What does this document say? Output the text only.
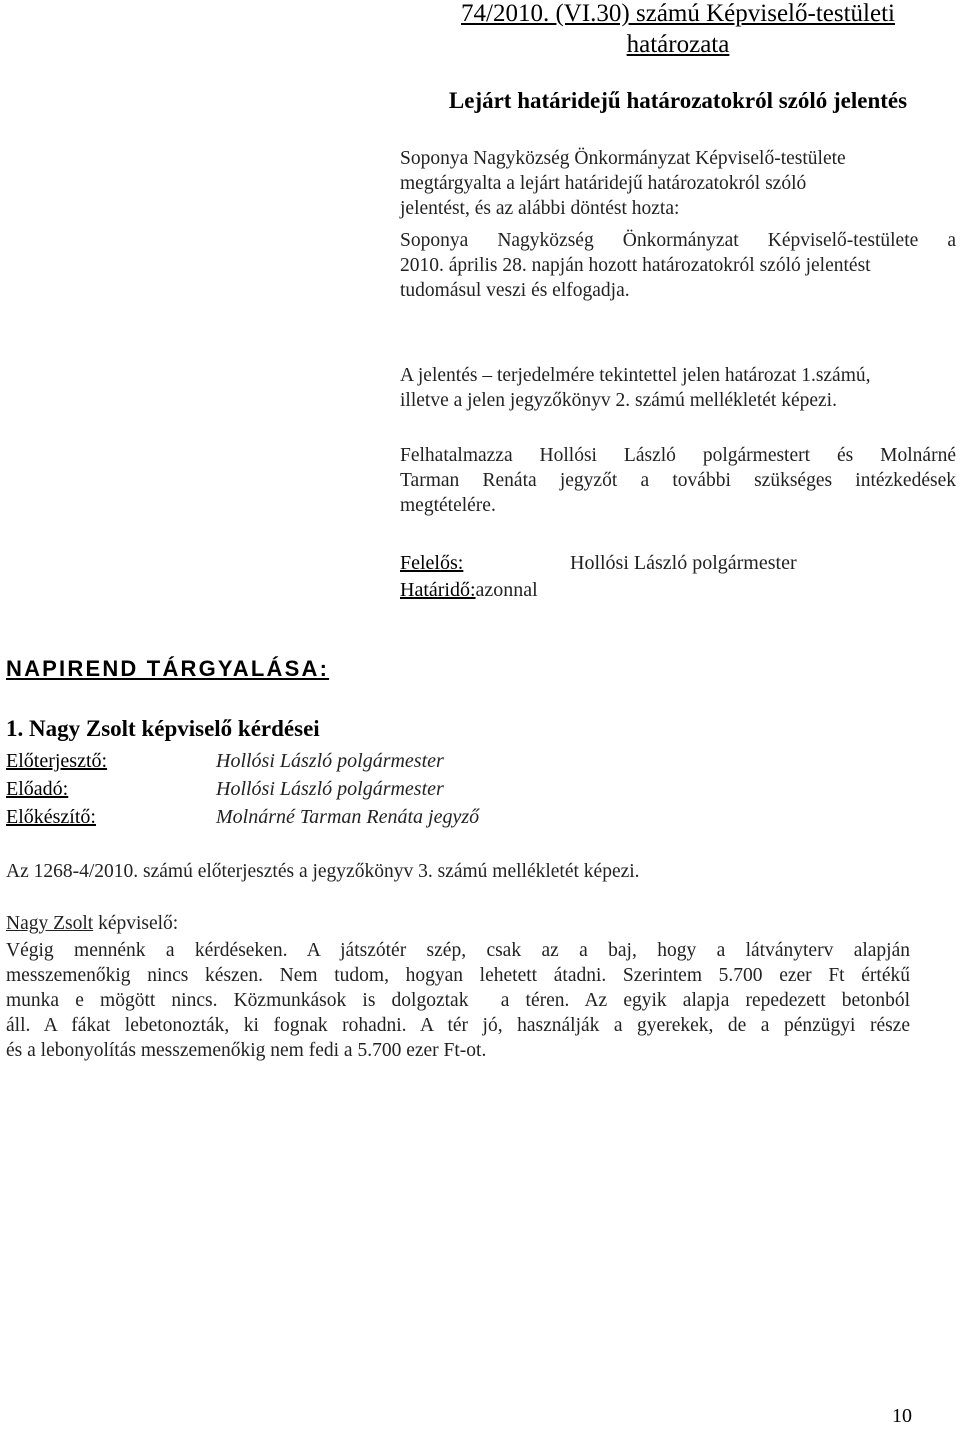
74/2010. (VI.30) számú Képviselő-testületi
határozata
Lejárt határidejű határozatokról szóló jelentés
Soponya Nagyközség Önkormányzat Képviselő-testülete
megtárgyalta a lejárt határidejű határozatokról szóló
jelentést, és az alábbi döntést hozta:
Soponya Nagyközség Önkormányzat Képviselő-testülete a
2010. április 28. napján hozott határozatokról szóló jelentést
tudomásul veszi és elfogadja.
A jelentés – terjedelmére tekintettel jelen határozat 1.számú,
illetve a jelen jegyzőkönyv 2. számú mellékletét képezi.
Felhatalmazza Hollósi László polgármestert és Molnárné
Tarman Renáta jegyzőt a további szükséges intézkedések
megtételére.
Felelős:	Hollósi László polgármester
Határidő:azonnal
NAPIREND TÁRGYALÁSA:
1. Nagy Zsolt képviselő kérdései
Előterjesztő:	Hollósi László polgármester
Előadó:	Hollósi László polgármester
Előkészítő:	Molnárné Tarman Renáta jegyző
Az 1268-4/2010. számú előterjesztés a jegyzőkönyv 3. számú mellékletét képezi.
Nagy Zsolt képviselő:
Végig mennénk a kérdéseken. A játszótér szép, csak az a baj, hogy a látványterv alapján
messzemenőkig nincs készen. Nem tudom, hogyan lehetett átadni. Szerintem 5.700 ezer Ft értékű
munka e mögött nincs. Közmunkások is dolgoztak  a téren. Az egyik alapja repedezett betonból
áll. A fákat lebetonozták, ki fognak rohadni. A tér jó, használják a gyerekek, de a pénzügyi része
és a lebonyolítás messzemenőkig nem fedi a 5.700 ezer Ft-ot.
10
